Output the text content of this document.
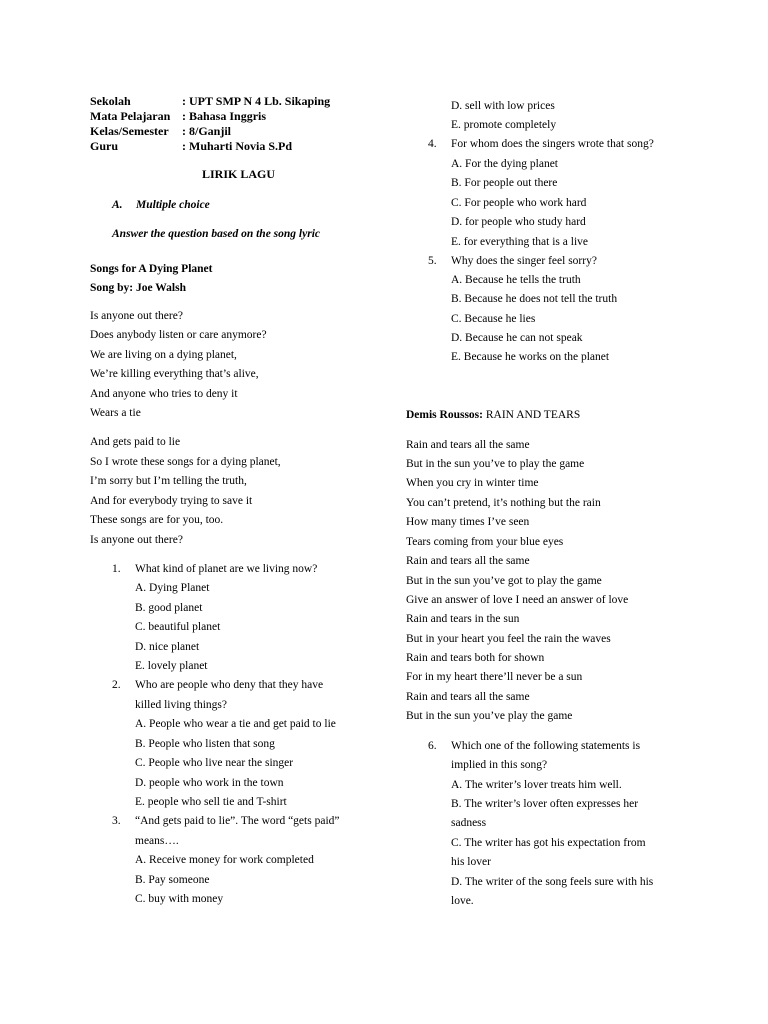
Sekolah	: UPT SMP N 4 Lb. Sikaping
Mata Pelajaran : Bahasa Inggris
Kelas/Semester : 8/Ganjil
Guru	: Muharti Novia S.Pd
LIRIK LAGU
A. Multiple choice
Answer the question based on the song lyric
Songs for A Dying Planet
Song by: Joe Walsh
Is anyone out there?
Does anybody listen or care anymore?
We are living on a dying planet,
We’re killing everything that’s alive,
And anyone who tries to deny it
Wears a tie
And gets paid to lie
So I wrote these songs for a dying planet,
I’m sorry but I’m telling the truth,
And for everybody trying to save it
These songs are for you, too.
Is anyone out there?
1. What kind of planet are we living now?
A. Dying Planet
B. good planet
C. beautiful planet
D. nice planet
E. lovely planet
2. Who are people who deny that they have
killed living things?
A. People who wear a tie and get paid to lie
B. People who listen that song
C. People who live near the singer
D. people who work in the town
E. people who sell tie and T-shirt
3. “And gets paid to lie”. The word “gets paid”
means….
A. Receive money for work completed
B. Pay someone
C. buy with money
D. sell with low prices
E. promote completely
4. For whom does the singers wrote that song?
A. For the dying planet
B. For people out there
C. For people who work hard
D. for people who study hard
E. for everything that is a live
5. Why does the singer feel sorry?
A. Because he tells the truth
B. Because he does not tell the truth
C. Because he lies
D. Because he can not speak
E. Because he works on the planet
Demis Roussos: RAIN AND TEARS
Rain and tears all the same
But in the sun you’ve to play the game
When you cry in winter time
You can’t pretend, it’s nothing but the rain
How many times I’ve seen
Tears coming from your blue eyes
Rain and tears all the same
But in the sun you’ve got to play the game
Give an answer of love I need an answer of love
Rain and tears in the sun
But in your heart you feel the rain the waves
Rain and tears both for shown
For in my heart there’ll never be a sun
Rain and tears all the same
But in the sun you’ve play the game
6. Which one of the following statements is
implied in this song?
A. The writer’s lover treats him well.
B. The writer’s lover often expresses her
sadness
C. The writer has got his expectation from
his lover
D. The writer of the song feels sure with his
love.
